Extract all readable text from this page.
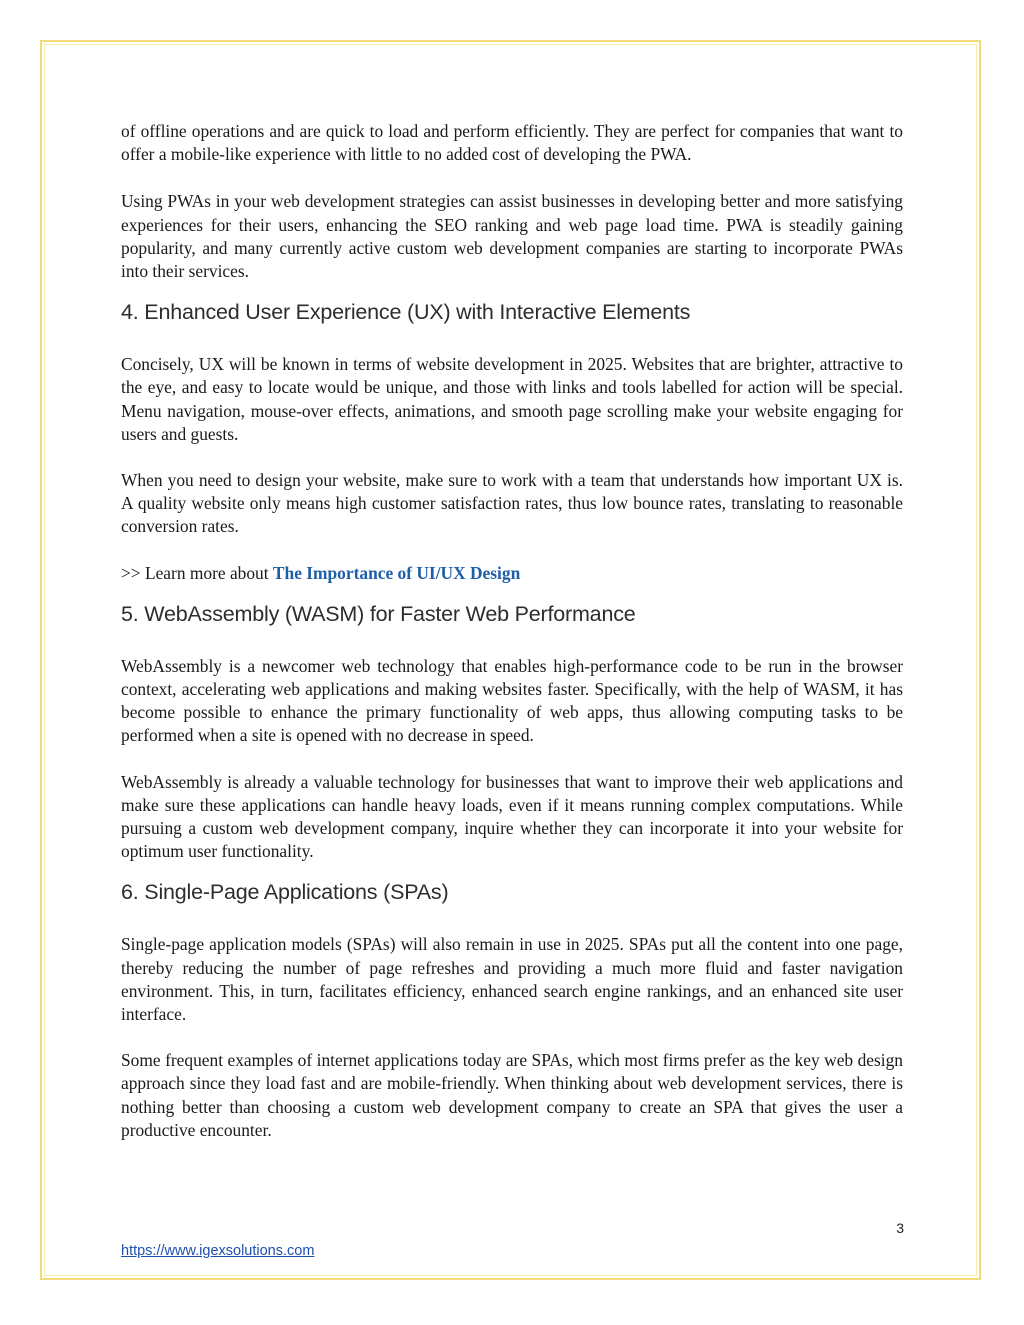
of offline operations and are quick to load and perform efficiently. They are perfect for companies that want to offer a mobile-like experience with little to no added cost of developing the PWA.

Using PWAs in your web development strategies can assist businesses in developing better and more satisfying experiences for their users, enhancing the SEO ranking and web page load time. PWA is steadily gaining popularity, and many currently active custom web development companies are starting to incorporate PWAs into their services.

4. Enhanced User Experience (UX) with Interactive Elements

Concisely, UX will be known in terms of website development in 2025. Websites that are brighter, attractive to the eye, and easy to locate would be unique, and those with links and tools labelled for action will be special. Menu navigation, mouse-over effects, animations, and smooth page scrolling make your website engaging for users and guests.

When you need to design your website, make sure to work with a team that understands how important UX is. A quality website only means high customer satisfaction rates, thus low bounce rates, translating to reasonable conversion rates.

>> Learn more about The Importance of UI/UX Design

5. WebAssembly (WASM) for Faster Web Performance

WebAssembly is a newcomer web technology that enables high-performance code to be run in the browser context, accelerating web applications and making websites faster. Specifically, with the help of WASM, it has become possible to enhance the primary functionality of web apps, thus allowing computing tasks to be performed when a site is opened with no decrease in speed.

WebAssembly is already a valuable technology for businesses that want to improve their web applications and make sure these applications can handle heavy loads, even if it means running complex computations. While pursuing a custom web development company, inquire whether they can incorporate it into your website for optimum user functionality.

6. Single-Page Applications (SPAs)

Single-page application models (SPAs) will also remain in use in 2025. SPAs put all the content into one page, thereby reducing the number of page refreshes and providing a much more fluid and faster navigation environment. This, in turn, facilitates efficiency, enhanced search engine rankings, and an enhanced site user interface.

Some frequent examples of internet applications today are SPAs, which most firms prefer as the key web design approach since they load fast and are mobile-friendly. When thinking about web development services, there is nothing better than choosing a custom web development company to create an SPA that gives the user a productive encounter.

3
https://www.igexsolutions.com
